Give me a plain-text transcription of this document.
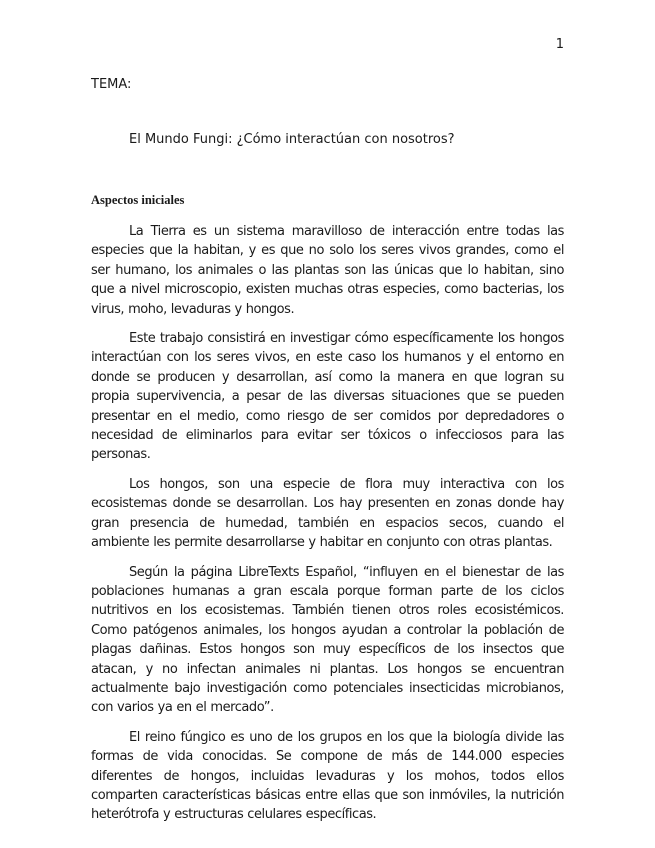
1
TEMA:
El Mundo Fungi: ¿Cómo interactúan con nosotros?
Aspectos iniciales

La Tierra es un sistema maravilloso de interacción entre todas las especies que la habitan, y es que no solo los seres vivos grandes, como el ser humano, los animales o las plantas son las únicas que lo habitan, sino que a nivel microscopio, existen muchas otras especies, como bacterias, los virus, moho, levaduras y hongos.

Este trabajo consistirá en investigar cómo específicamente los hongos interactúan con los seres vivos, en este caso los humanos y el entorno en donde se producen y desarrollan, así como la manera en que logran su propia supervivencia, a pesar de las diversas situaciones que se pueden presentar en el medio, como riesgo de ser comidos por depredadores o necesidad de eliminarlos para evitar ser tóxicos o infecciosos para las personas.

Los hongos, son una especie de flora muy interactiva con los ecosistemas donde se desarrollan. Los hay presenten en zonas donde hay gran presencia de humedad, también en espacios secos, cuando el ambiente les permite desarrollarse y habitar en conjunto con otras plantas.

Según la página LibreTexts Español, “influyen en el bienestar de las poblaciones humanas a gran escala porque forman parte de los ciclos nutritivos en los ecosistemas. También tienen otros roles ecosistémicos. Como patógenos animales, los hongos ayudan a controlar la población de plagas dañinas. Estos hongos son muy específicos de los insectos que atacan, y no infectan animales ni plantas. Los hongos se encuentran actualmente bajo investigación como potenciales insecticidas microbianos, con varios ya en el mercado”.

El reino fúngico es uno de los grupos en los que la biología divide las formas de vida conocidas. Se compone de más de 144.000 especies diferentes de hongos, incluidas levaduras y los mohos, todos ellos comparten características básicas entre ellas que son inmóviles, la nutrición heterótrofa y estructuras celulares específicas.
